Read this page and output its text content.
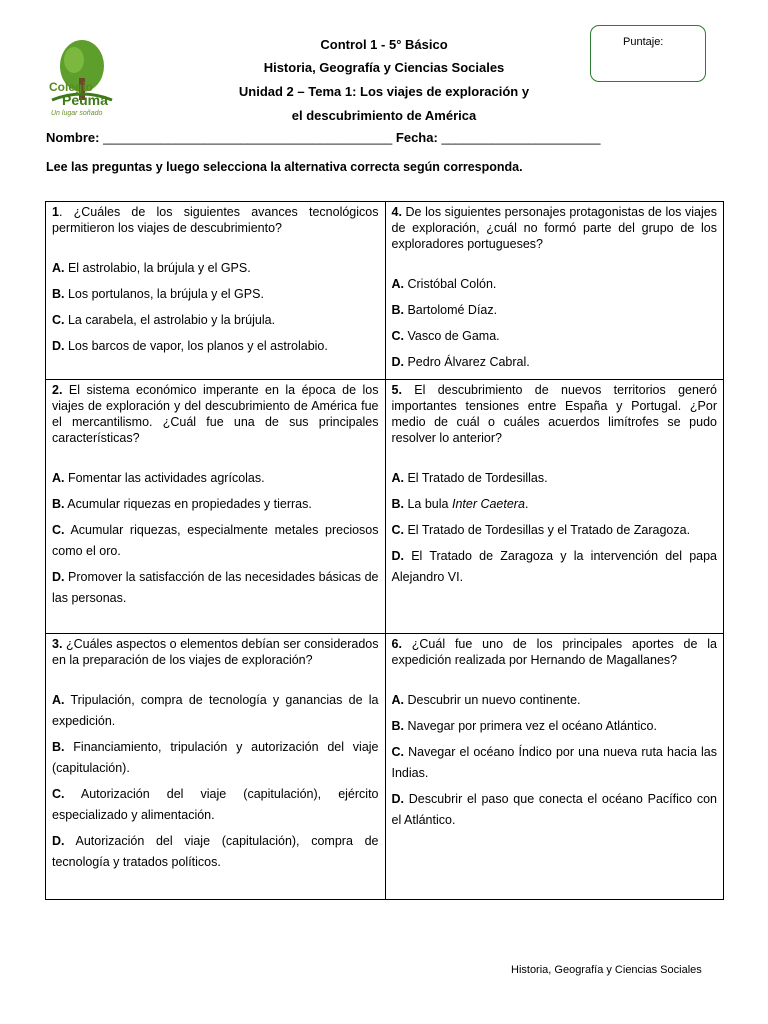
Colegio
Peuma
Un lugar soñado
Control 1 - 5° Básico
Historia, Geografía y Ciencias Sociales
Unidad 2 – Tema 1: Los viajes de exploración y
el descubrimiento de América
Puntaje:
Nombre: ________________________________________ Fecha: ______________________
Lee las preguntas y luego selecciona la alternativa correcta según corresponda.
1. ¿Cuáles de los siguientes avances tecnológicos permitieron los viajes de descubrimiento?
A. El astrolabio, la brújula y el GPS.
B. Los portulanos, la brújula y el GPS.
C. La carabela, el astrolabio y la brújula.
D. Los barcos de vapor, los planos y el astrolabio.
4. De los siguientes personajes protagonistas de los viajes de exploración, ¿cuál no formó parte del grupo de los exploradores portugueses?
A. Cristóbal Colón.
B. Bartolomé Díaz.
C. Vasco de Gama.
D. Pedro Álvarez Cabral.
2. El sistema económico imperante en la época de los viajes de exploración y del descubrimiento de América fue el mercantilismo. ¿Cuál fue una de sus principales características?
A. Fomentar las actividades agrícolas.
B. Acumular riquezas en propiedades y tierras.
C. Acumular riquezas, especialmente metales preciosos como el oro.
D. Promover la satisfacción de las necesidades básicas de las personas.
5. El descubrimiento de nuevos territorios generó importantes tensiones entre España y Portugal. ¿Por medio de cuál o cuáles acuerdos limítrofes se pudo resolver lo anterior?
A. El Tratado de Tordesillas.
B. La bula Inter Caetera.
C. El Tratado de Tordesillas y el Tratado de Zaragoza.
D. El Tratado de Zaragoza y la intervención del papa Alejandro VI.
3. ¿Cuáles aspectos o elementos debían ser considerados en la preparación de los viajes de exploración?
A. Tripulación, compra de tecnología y ganancias de la expedición.
B. Financiamiento, tripulación y autorización del viaje (capitulación).
C. Autorización del viaje (capitulación), ejército especializado y alimentación.
D. Autorización del viaje (capitulación), compra de tecnología y tratados políticos.
6. ¿Cuál fue uno de los principales aportes de la expedición realizada por Hernando de Magallanes?
A. Descubrir un nuevo continente.
B. Navegar por primera vez el océano Atlántico.
C. Navegar el océano Índico por una nueva ruta hacia las Indias.
D. Descubrir el paso que conecta el océano Pacífico con el Atlántico.
Historia, Geografía y Ciencias Sociales
